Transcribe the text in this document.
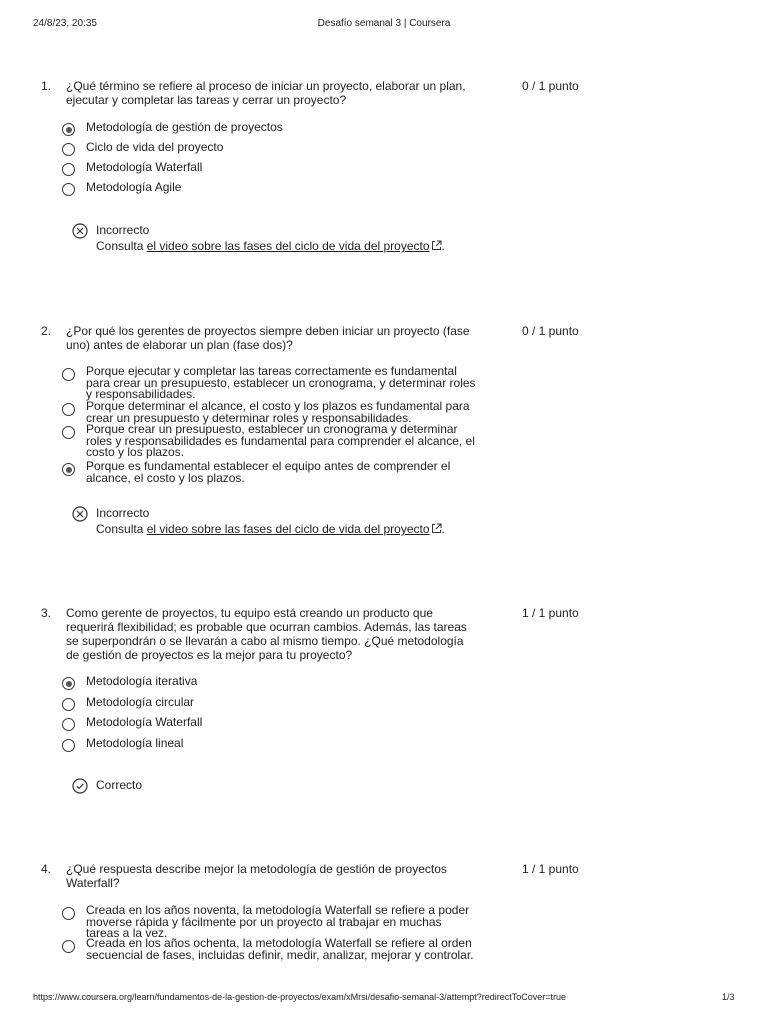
24/8/23, 20:35	Desafío semanal 3 | Coursera
1. ¿Qué término se refiere al proceso de iniciar un proyecto, elaborar un plan, ejecutar y completar las tareas y cerrar un proyecto?
0 / 1 punto
Metodología de gestión de proyectos
Ciclo de vida del proyecto
Metodología Waterfall
Metodología Agile
Incorrecto
Consulta el video sobre las fases del ciclo de vida del proyecto .
2. ¿Por qué los gerentes de proyectos siempre deben iniciar un proyecto (fase uno) antes de elaborar un plan (fase dos)?
0 / 1 punto
Porque ejecutar y completar las tareas correctamente es fundamental para crear un presupuesto, establecer un cronograma, y determinar roles y responsabilidades.
Porque determinar el alcance, el costo y los plazos es fundamental para crear un presupuesto y determinar roles y responsabilidades.
Porque crear un presupuesto, establecer un cronograma y determinar roles y responsabilidades es fundamental para comprender el alcance, el costo y los plazos.
Porque es fundamental establecer el equipo antes de comprender el alcance, el costo y los plazos.
Incorrecto
Consulta el video sobre las fases del ciclo de vida del proyecto .
3. Como gerente de proyectos, tu equipo está creando un producto que requerirá flexibilidad; es probable que ocurran cambios. Además, las tareas se superpondrán o se llevarán a cabo al mismo tiempo. ¿Qué metodología de gestión de proyectos es la mejor para tu proyecto?
1 / 1 punto
Metodología iterativa
Metodología circular
Metodología Waterfall
Metodología lineal
Correcto
4. ¿Qué respuesta describe mejor la metodología de gestión de proyectos Waterfall?
1 / 1 punto
Creada en los años noventa, la metodología Waterfall se refiere a poder moverse rápida y fácilmente por un proyecto al trabajar en muchas tareas a la vez.
Creada en los años ochenta, la metodología Waterfall se refiere al orden secuencial de fases, incluidas definir, medir, analizar, mejorar y controlar.
https://www.coursera.org/learn/fundamentos-de-la-gestion-de-proyectos/exam/xMrsi/desafio-semanal-3/attempt?redirectToCover=true	1/3
